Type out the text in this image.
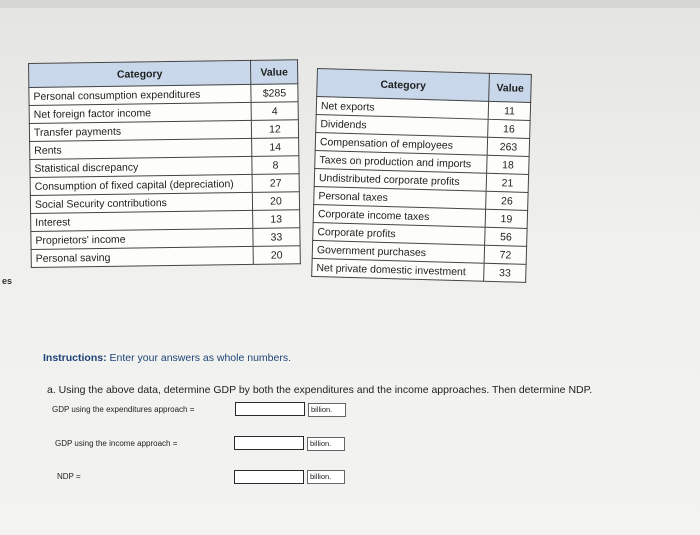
es
Category	Value
Personal consumption expenditures	$285
Net foreign factor income	4
Transfer payments	12
Rents	14
Statistical discrepancy	8
Consumption of fixed capital (depreciation)	27
Social Security contributions	20
Interest	13
Proprietors' income	33
Personal saving	20
Category	Value
Net exports	11
Dividends	16
Compensation of employees	263
Taxes on production and imports	18
Undistributed corporate profits	21
Personal taxes	26
Corporate income taxes	19
Corporate profits	56
Government purchases	72
Net private domestic investment	33
Instructions: Enter your answers as whole numbers.
a. Using the above data, determine GDP by both the expenditures and the income approaches. Then determine NDP.
GDP using the expenditures approach =	billion.
GDP using the income approach =	billion.
NDP =	billion.
